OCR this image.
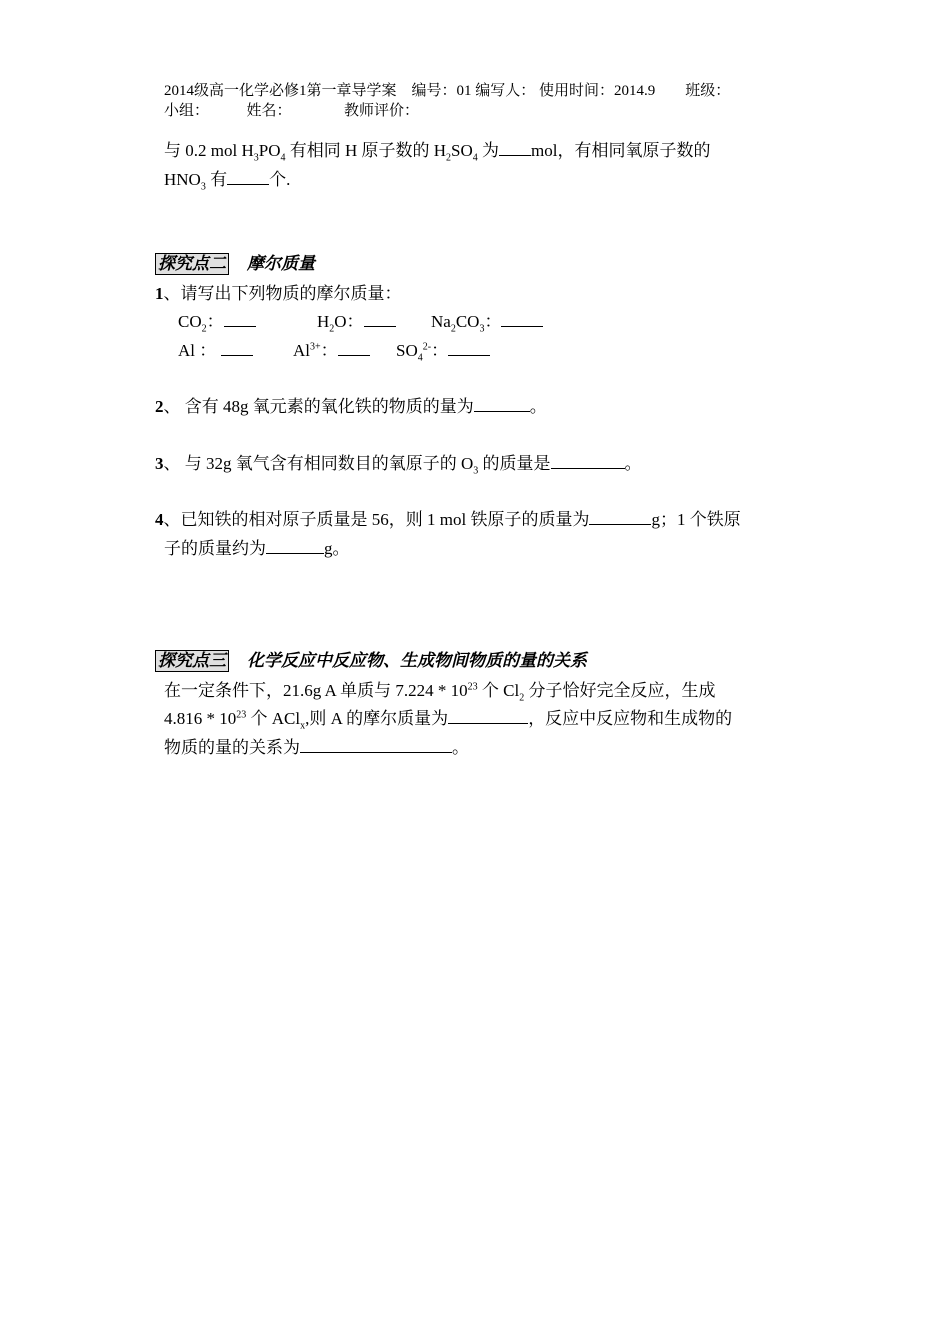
2014级高一化学必修1第一章导学案　编号：01 编写人： 使用时间：2014.9　　班级：
小组：　　　姓名：　　　　教师评价：
与 0.2 mol $H_3PO_4$ 有相同 H 原子数的 $H_2SO_4$ 为 mol，有相同氧原子数的
$HNO_3$ 有 个.
探究点二 摩尔质量
1、请写出下列物质的摩尔质量：
$CO_2$：	$H_2O$：	$Na_2CO_3$：
Al ：	$Al^{3+}$：	$SO_4^{2-}$：
2、 含有 48g 氧元素的氧化铁的物质的量为	。
3、 与 32g 氧气含有相同数目的氧原子的 $O_3$ 的质量是	。
4、已知铁的相对原子质量是 56，则 1 mol 铁原子的质量为	g；1 个铁原
子的质量约为	g。
探究点三 化学反应中反应物、生成物间物质的量的关系
在一定条件下，21.6g A 单质与 $7.224 * 10^{23}$ 个 $Cl_2$ 分子恰好完全反应，生成
$4.816 * 10^{23}$ 个 ACl$_x$,则 A 的摩尔质量为	，反应中反应物和生成物的
物质的量的关系为	。
